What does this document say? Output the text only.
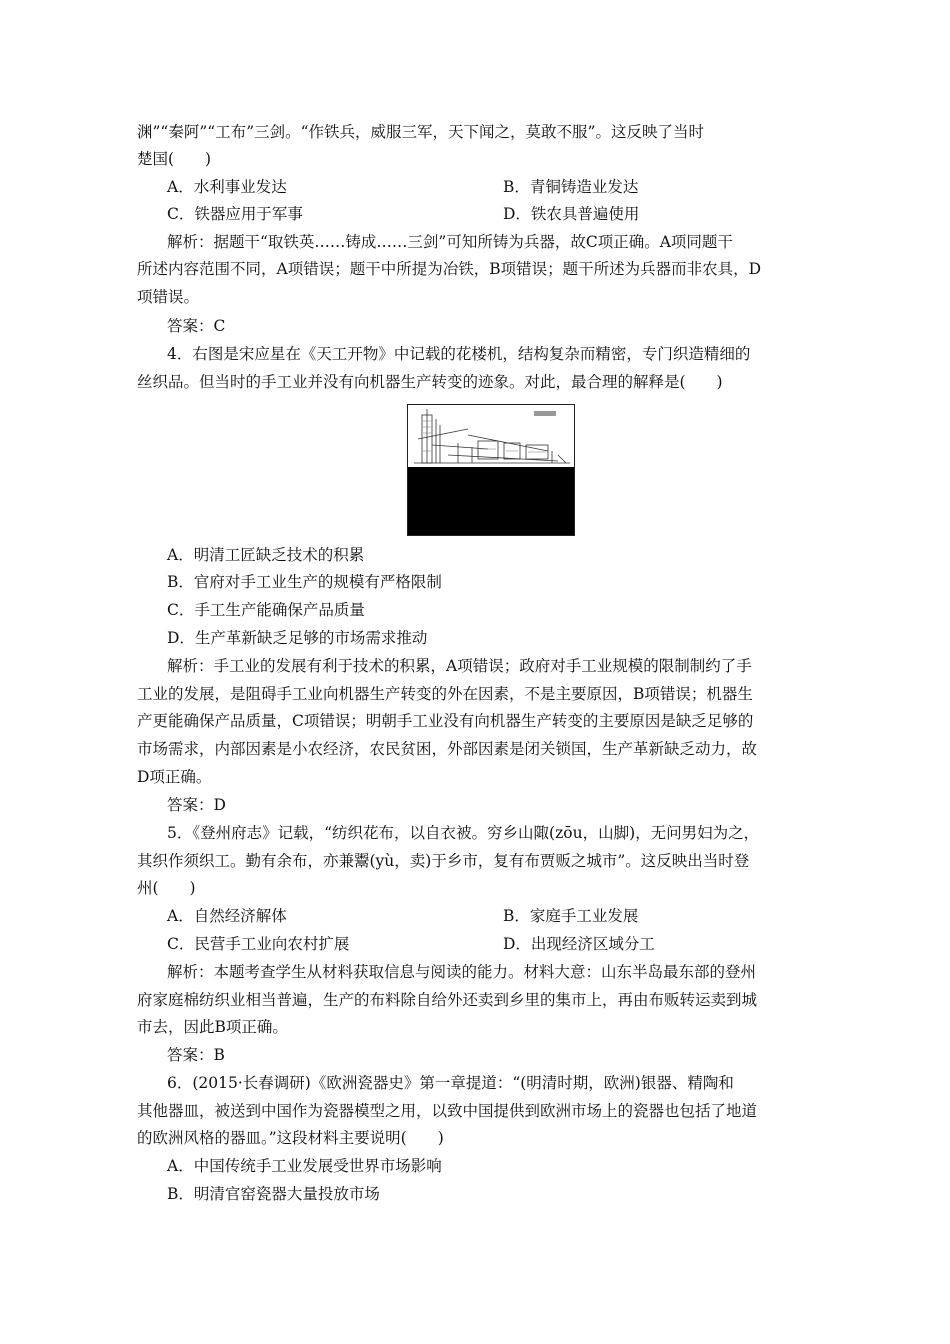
渊”“秦阿”“工布”三剑。“作铁兵，威服三军，天下闻之，莫敢不服”。这反映了当时
楚国(　　)
A．水利事业发达	B．青铜铸造业发达
C．铁器应用于军事	D．铁农具普遍使用
解析：据题干“取铁英……铸成……三剑”可知所铸为兵器，故C项正确。A项同题干
所述内容范围不同，A项错误；题干中所提为冶铁，B项错误；题干所述为兵器而非农具，D
项错误。
答案：C
4．右图是宋应星在《天工开物》中记载的花楼机，结构复杂而精密，专门织造精细的
丝织品。但当时的手工业并没有向机器生产转变的迹象。对此，最合理的解释是(　　)
A．明清工匠缺乏技术的积累
B．官府对手工业生产的规模有严格限制
C．手工生产能确保产品质量
D．生产革新缺乏足够的市场需求推动
解析：手工业的发展有利于技术的积累，A项错误；政府对手工业规模的限制制约了手
工业的发展，是阻碍手工业向机器生产转变的外在因素，不是主要原因，B项错误；机器生
产更能确保产品质量，C项错误；明朝手工业没有向机器生产转变的主要原因是缺乏足够的
市场需求，内部因素是小农经济，农民贫困，外部因素是闭关锁国，生产革新缺乏动力，故
D项正确。
答案：D
5．《登州府志》记载，“纺织花布，以自衣被。穷乡山陬(zōu，山脚)，无问男妇为之，
其织作须织工。勤有余布，亦兼鬻(yù，卖)于乡市，复有布贾贩之城市”。这反映出当时登
州(　　)
A．自然经济解体	B．家庭手工业发展
C．民营手工业向农村扩展	D．出现经济区域分工
解析：本题考查学生从材料获取信息与阅读的能力。材料大意：山东半岛最东部的登州
府家庭棉纺织业相当普遍，生产的布料除自给外还卖到乡里的集市上，再由布贩转运卖到城
市去，因此B项正确。
答案：B
6．(2015·长春调研)《欧洲瓷器史》第一章提道：“(明清时期，欧洲)银器、精陶和
其他器皿，被送到中国作为瓷器模型之用，以致中国提供到欧洲市场上的瓷器也包括了地道
的欧洲风格的器皿。”这段材料主要说明(　　)
A．中国传统手工业发展受世界市场影响
B．明清官窑瓷器大量投放市场
